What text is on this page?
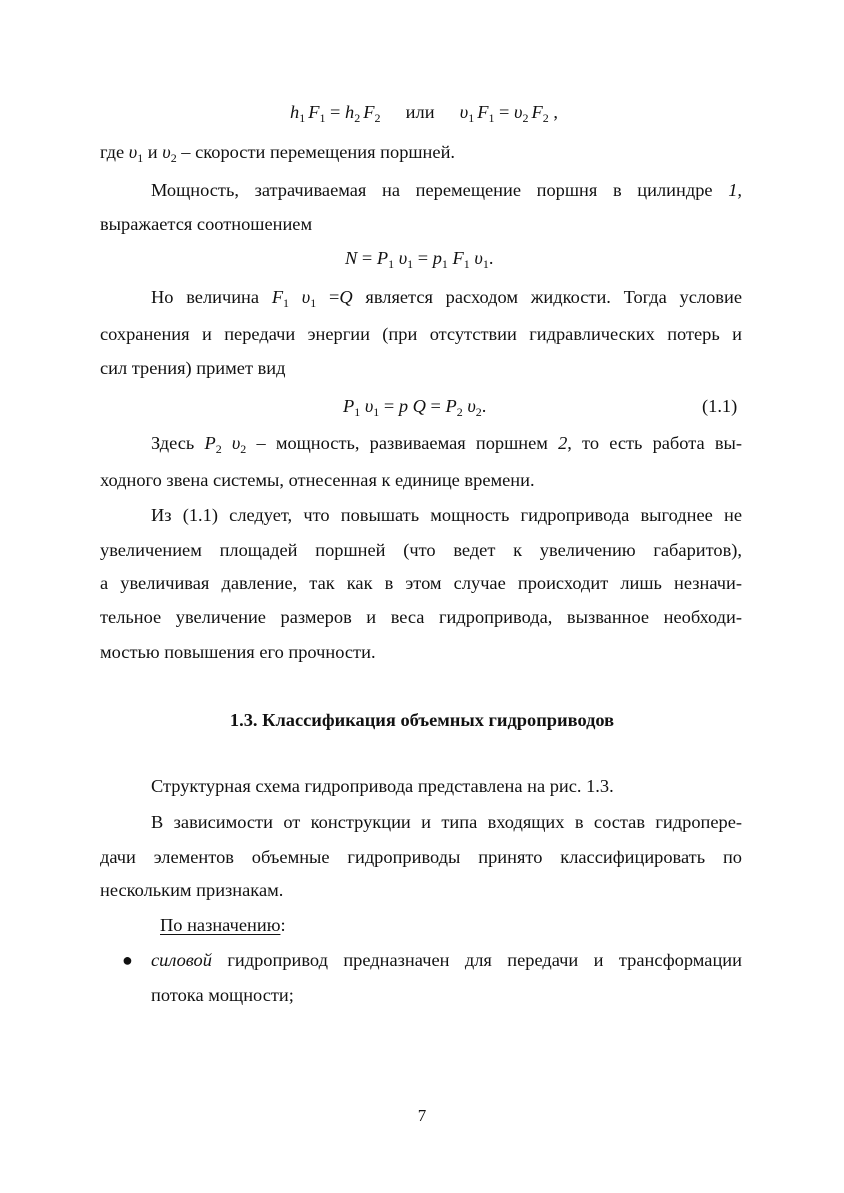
$h_1$ $F_1 = h_2$ $F_2$ или $\upsilon_1$ $F_1 = \upsilon_2$ $F_2$ ,
где $\upsilon_1$ и $\upsilon_2$ – скорости перемещения поршней.
Мощность, затрачиваемая на перемещение поршня в цилиндре 1,
выражается соотношением
$N = P_1$ $\upsilon_1 = p_1$ $F_1$ $\upsilon_1$.
Но величина $F_1$ $\upsilon_1 =Q$ является расходом жидкости. Тогда условие
сохранения и передачи энергии (при отсутствии гидравлических потерь и
сил трения) примет вид
$P_1$ $\upsilon_1 = p$ $Q = P_2$ $\upsilon_2$.	(1.1)
Здесь $P_2$ $\upsilon_2$ – мощность, развиваемая поршнем 2, то есть работа вы-
ходного звена системы, отнесенная к единице времени.
Из (1.1) следует, что повышать мощность гидропривода выгоднее не
увеличением площадей поршней (что ведет к увеличению габаритов),
а увеличивая давление, так как в этом случае происходит лишь незначи-
тельное увеличение размеров и веса гидропривода, вызванное необходи-
мостью повышения его прочности.
1.3. Классификация объемных гидроприводов
Структурная схема гидропривода представлена на рис. 1.3.
В зависимости от конструкции и типа входящих в состав гидропере-
дачи элементов объемные гидроприводы принято классифицировать по
нескольким признакам.
По назначению:
● силовой гидропривод предназначен для передачи и трансформации
потока мощности;
7
